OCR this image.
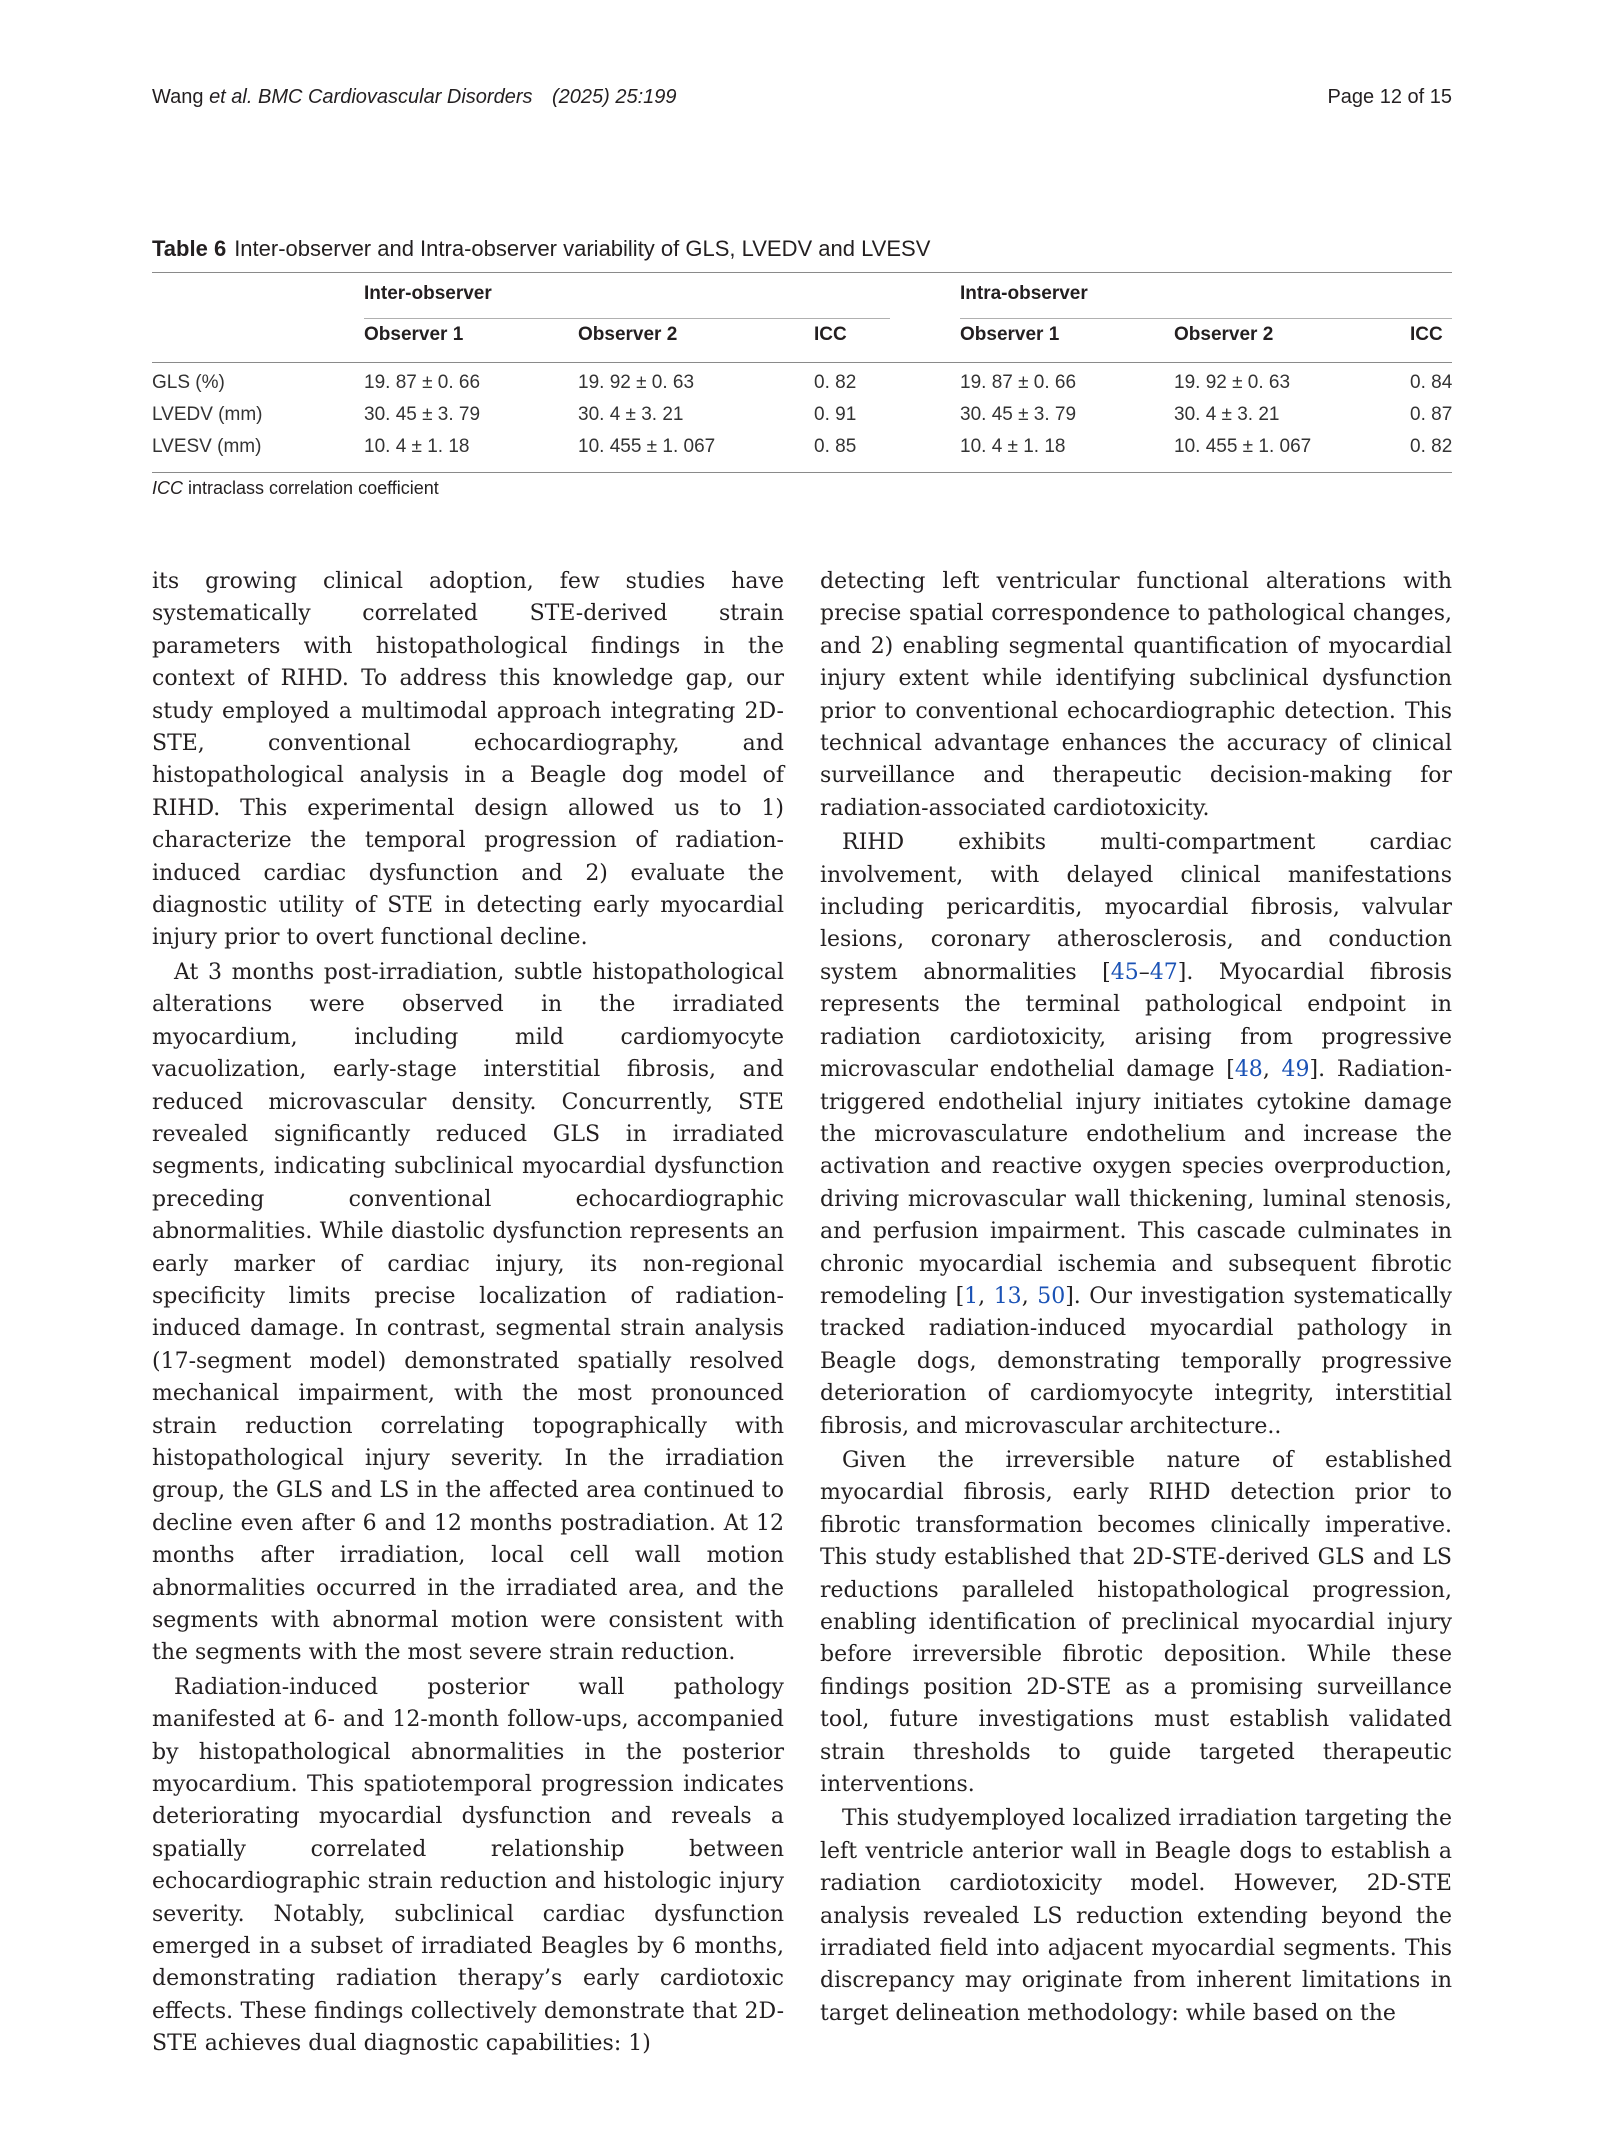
Wang et al. BMC Cardiovascular Disorders (2025) 25:199	Page 12 of 15
Table 6 Inter-observer and Intra-observer variability of GLS, LVEDV and LVESV
Inter-observer	Intra-observer
Observer 1	Observer 2	ICC	Observer 1	Observer 2	ICC
GLS (%)	19. 87 ± 0. 66	19. 92 ± 0. 63	0. 82	19. 87 ± 0. 66	19. 92 ± 0. 63	0. 84
LVEDV (mm)	30. 45 ± 3. 79	30. 4 ± 3. 21	0. 91	30. 45 ± 3. 79	30. 4 ± 3. 21	0. 87
LVESV (mm)	10. 4 ± 1. 18	10. 455 ± 1. 067	0. 85	10. 4 ± 1. 18	10. 455 ± 1. 067	0. 82
ICC intraclass correlation coefficient

its growing clinical adoption, few studies have systematically correlated STE-derived strain parameters with histopathological findings in the context of RIHD. To address this knowledge gap, our study employed a multimodal approach integrating 2D-STE, conventional echocardiography, and histopathological analysis in a Beagle dog model of RIHD. This experimental design allowed us to 1) characterize the temporal progression of radiation-induced cardiac dysfunction and 2) evaluate the diagnostic utility of STE in detecting early myocardial injury prior to overt functional decline.

At 3 months post-irradiation, subtle histopathological alterations were observed in the irradiated myocardium, including mild cardiomyocyte vacuolization, early-stage interstitial fibrosis, and reduced microvascular density. Concurrently, STE revealed significantly reduced GLS in irradiated segments, indicating subclinical myocardial dysfunction preceding conventional echocardiographic abnormalities. While diastolic dysfunction represents an early marker of cardiac injury, its non-regional specificity limits precise localization of radiation-induced damage. In contrast, segmental strain analysis (17-segment model) demonstrated spatially resolved mechanical impairment, with the most pronounced strain reduction correlating topographically with histopathological injury severity. In the irradiation group, the GLS and LS in the affected area continued to decline even after 6 and 12 months postradiation. At 12 months after irradiation, local cell wall motion abnormalities occurred in the irradiated area, and the segments with abnormal motion were consistent with the segments with the most severe strain reduction.

Radiation-induced posterior wall pathology manifested at 6- and 12-month follow-ups, accompanied by histopathological abnormalities in the posterior myocardium. This spatiotemporal progression indicates deteriorating myocardial dysfunction and reveals a spatially correlated relationship between echocardiographic strain reduction and histologic injury severity. Notably, subclinical cardiac dysfunction emerged in a subset of irradiated Beagles by 6 months, demonstrating radiation therapy’s early cardiotoxic effects. These findings collectively demonstrate that 2D-STE achieves dual diagnostic capabilities: 1)

detecting left ventricular functional alterations with precise spatial correspondence to pathological changes, and 2) enabling segmental quantification of myocardial injury extent while identifying subclinical dysfunction prior to conventional echocardiographic detection. This technical advantage enhances the accuracy of clinical surveillance and therapeutic decision-making for radiation-associated cardiotoxicity.

RIHD exhibits multi-compartment cardiac involvement, with delayed clinical manifestations including pericarditis, myocardial fibrosis, valvular lesions, coronary atherosclerosis, and conduction system abnormalities [45–47]. Myocardial fibrosis represents the terminal pathological endpoint in radiation cardiotoxicity, arising from progressive microvascular endothelial damage [48, 49]. Radiation-triggered endothelial injury initiates cytokine damage the microvasculature endothelium and increase the activation and reactive oxygen species overproduction, driving microvascular wall thickening, luminal stenosis, and perfusion impairment. This cascade culminates in chronic myocardial ischemia and subsequent fibrotic remodeling [1, 13, 50]. Our investigation systematically tracked radiation-induced myocardial pathology in Beagle dogs, demonstrating temporally progressive deterioration of cardiomyocyte integrity, interstitial fibrosis, and microvascular architecture..

Given the irreversible nature of established myocardial fibrosis, early RIHD detection prior to fibrotic transformation becomes clinically imperative. This study established that 2D-STE-derived GLS and LS reductions paralleled histopathological progression, enabling identification of preclinical myocardial injury before irreversible fibrotic deposition. While these findings position 2D-STE as a promising surveillance tool, future investigations must establish validated strain thresholds to guide targeted therapeutic interventions.

This studyemployed localized irradiation targeting the left ventricle anterior wall in Beagle dogs to establish a radiation cardiotoxicity model. However, 2D-STE analysis revealed LS reduction extending beyond the irradiated field into adjacent myocardial segments. This discrepancy may originate from inherent limitations in target delineation methodology: while based on the
